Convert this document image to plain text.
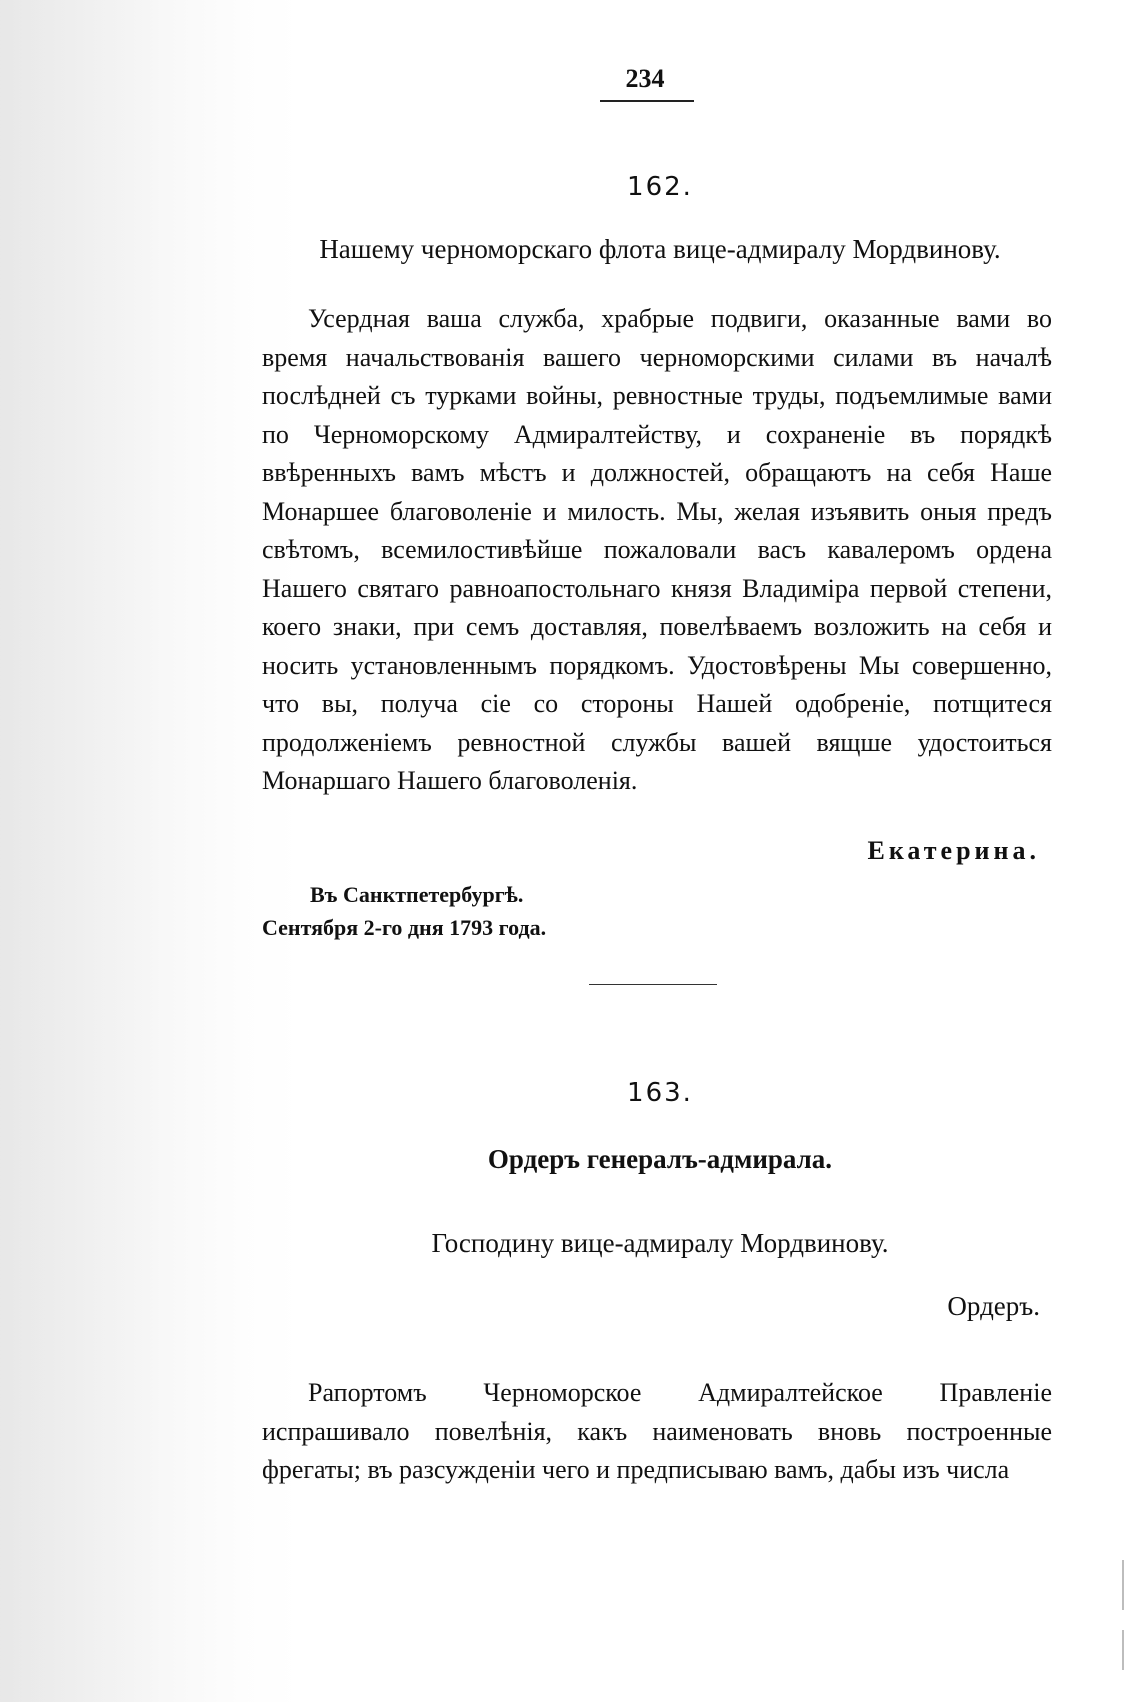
234
162.
Нашему черноморскаго флота вице-адмиралу Мордвинову.

Усердная ваша служба, храбрые подвиги, оказанные вами во время начальствованія вашего черноморскими силами въ началѣ послѣдней съ турками войны, ревностные труды, подъемлимые вами по Черноморскому Адмиралтейству, и сохраненіе въ порядкѣ ввѣренныхъ вамъ мѣстъ и должностей, обращаютъ на себя Наше Монаршее благоволеніе и милость. Мы, желая изъявить оныя предъ свѣтомъ, всемилостивѣйше пожаловали васъ кавалеромъ ордена Нашего святаго равноапостольнаго князя Владиміра первой степени, коего знаки, при семъ доставляя, повелѣваемъ возложить на себя и носить установленнымъ порядкомъ. Удостовѣрены Мы совершенно, что вы, получа сіе со стороны Нашей одобреніе, потщитеся продолженіемъ ревностной службы вашей вящше удостоиться Монаршаго Нашего благоволенія.

Екатерина.
Въ Санктпетербургѣ.
Сентября 2-го дня 1793 года.
163.
Ордеръ генералъ-адмирала.
Господину вице-адмиралу Мордвинову.
Ордеръ.

Рапортомъ Черноморское Адмиралтейское Правленіе испрашивало повелѣнія, какъ наименовать вновь построенные фрегаты; въ разсужденіи чего и предписываю вамъ, дабы изъ числа
